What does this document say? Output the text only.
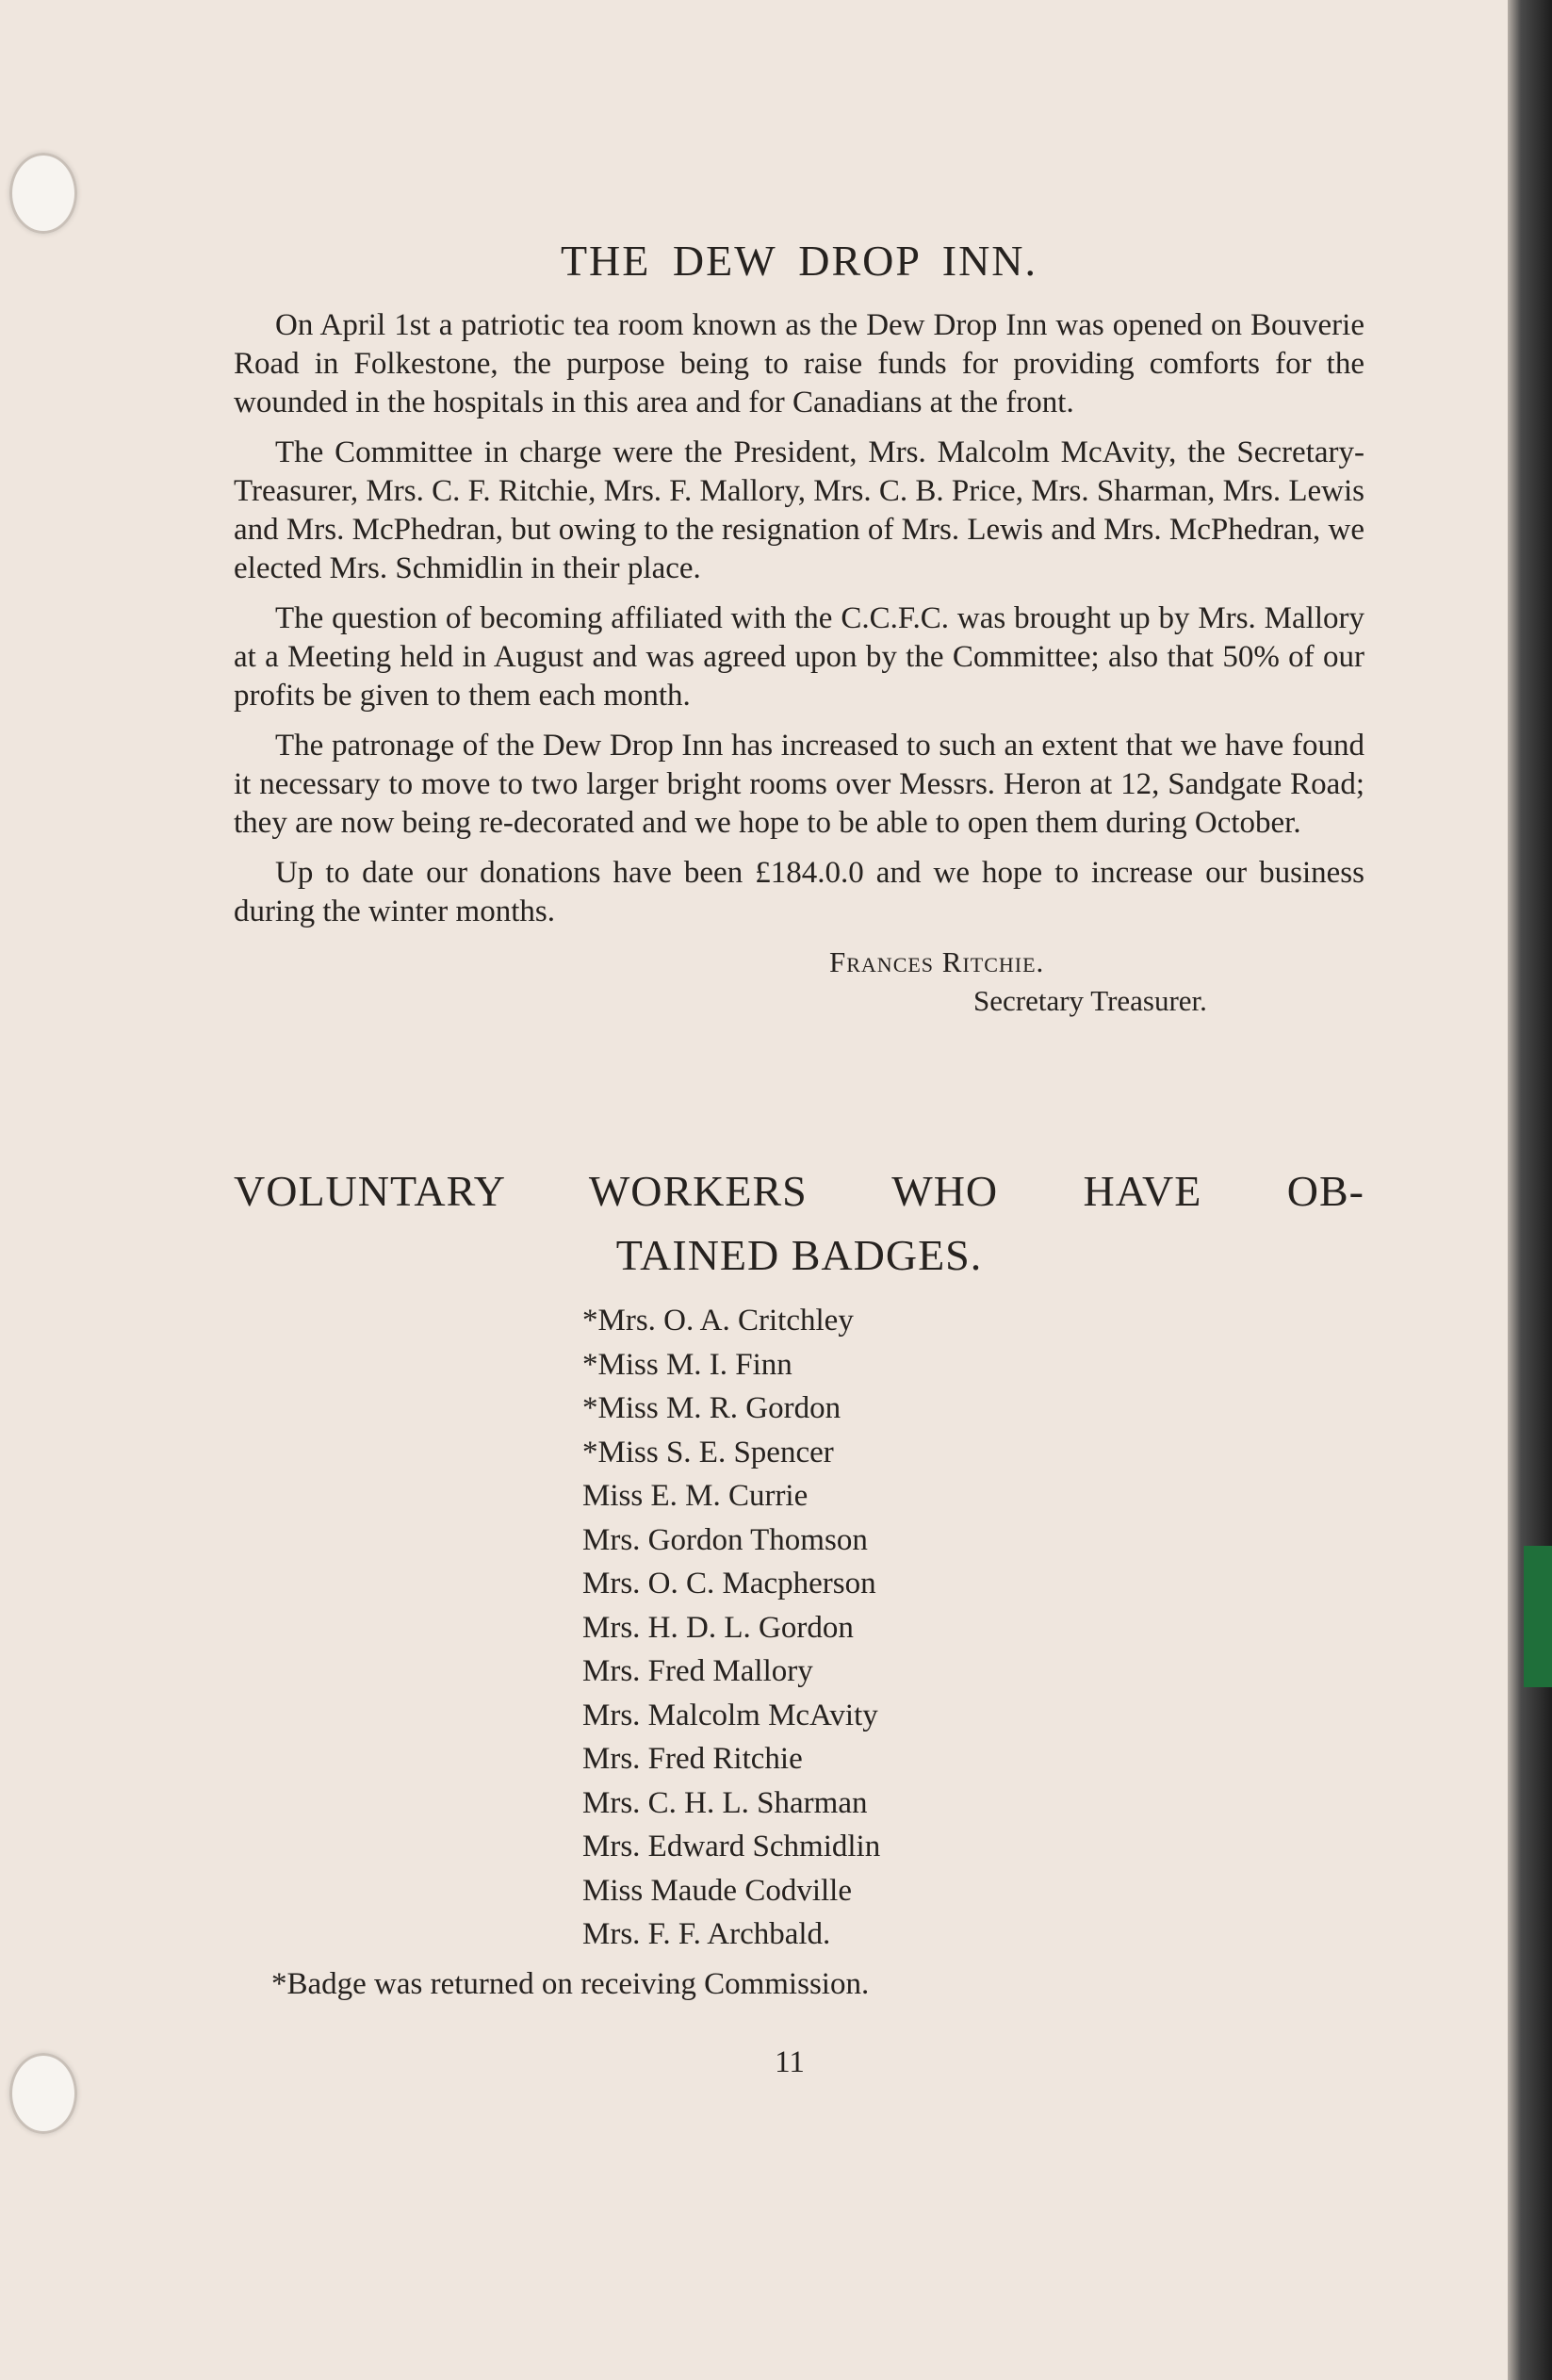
THE DEW DROP INN.

On April 1st a patriotic tea room known as the Dew Drop Inn was opened on Bouverie Road in Folkestone, the purpose being to raise funds for providing comforts for the wounded in the hospitals in this area and for Canadians at the front.

The Committee in charge were the President, Mrs. Malcolm McAvity, the Secretary-Treasurer, Mrs. C. F. Ritchie, Mrs. F. Mallory, Mrs. C. B. Price, Mrs. Sharman, Mrs. Lewis and Mrs. McPhedran, but owing to the resignation of Mrs. Lewis and Mrs. McPhedran, we elected Mrs. Schmidlin in their place.

The question of becoming affiliated with the C.C.F.C. was brought up by Mrs. Mallory at a Meeting held in August and was agreed upon by the Committee; also that 50% of our profits be given to them each month.

The patronage of the Dew Drop Inn has increased to such an extent that we have found it necessary to move to two larger bright rooms over Messrs. Heron at 12, Sandgate Road; they are now being re-decorated and we hope to be able to open them during October.

Up to date our donations have been £184.0.0 and we hope to increase our business during the winter months.

Frances Ritchie.
Secretary Treasurer.
VOLUNTARY WORKERS WHO HAVE OB-
TAINED BADGES.
*Mrs. O. A. Critchley
*Miss M. I. Finn
*Miss M. R. Gordon
*Miss S. E. Spencer
Miss E. M. Currie
Mrs. Gordon Thomson
Mrs. O. C. Macpherson
Mrs. H. D. L. Gordon
Mrs. Fred Mallory
Mrs. Malcolm McAvity
Mrs. Fred Ritchie
Mrs. C. H. L. Sharman
Mrs. Edward Schmidlin
Miss Maude Codville
Mrs. F. F. Archbald.
*Badge was returned on receiving Commission.
11
